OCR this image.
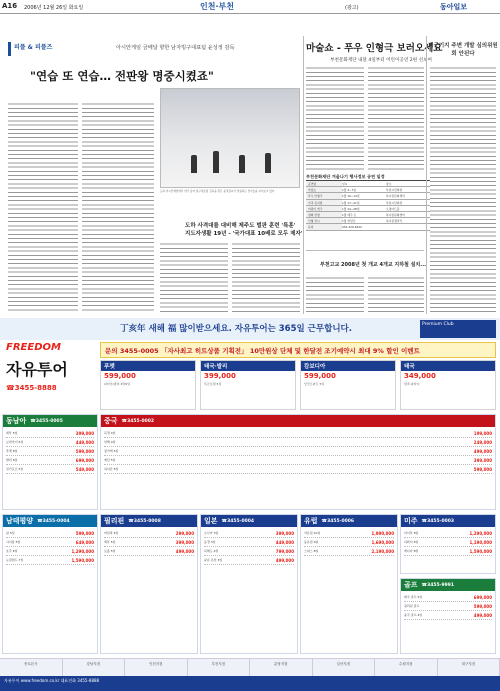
A16 2006년 12월 26일 화요일	인천·부천	(광고)	동아일보
피플 & 피플즈	아시안게임 금메달 향한 남자빙구대표팀 윤성정 감독
"연습 또 연습… 전판왕 명중시켰죠"
도하 아시안게임에서 한국 남자 빙구대표팀 감독을 맡은 윤성정씨가 연습하는 선수들을 지켜보고 있다
도하 사격대를 대비해 제주도 벌판 훈련 '특훈'
지도자생활 19년 - '국가대표 10배로 모두 제자'
마술쇼 - 푸우 인형극 보러오세요
부천문화재단 내달 4일부터 어린이공연 2편 선보여
부천문화재단 겨울나기 행사정보 공연 일정
공연명	일시	장소
마술쇼	1월 4~7일	부천시민회관
푸우 인형극	1월 10~14일	복사골문화센터
가족 뮤지컬	1월 17~21일	부천시민회관
어린이 연극	1월 24~28일	오정아트홀
영화 상영	1월 매주 토	복사골문화센터
인형 전시	1월 한달간	복사골갤러리
문의	032-320-6342
부천고교 2008년 첫 개교 4개교 지하철 설치...
미군기지 주변 개발 심의위원회 안된다
丁亥年 새해 福 많이받으세요. 자유투어는 365일 근무합니다.	Premium Club
FREEDOM
자유투어
☎3455-8888
문의 3455-0005 「자사최고 히트상품 기획전」 10만원상 단체 및 한달전 조기예약시 최대 9% 할인 이벤트
푸껫
599,000
파타야/방콕 4박6일
태국·발리
399,000
특급호텔 5일
캄보디아
599,000
앙코르와트 5일
태국
349,000
방콕·파타야
동남아 ☎3455-0005
세부 5일	399,000
보라카이 5일	449,000
푸껫 6일	599,000
발리 6일	699,000
싱가포르 5일	549,000
중국 ☎3455-0002
북경 4일	199,000
상해 4일	249,000
장가계 5일	499,000
계림 5일	399,000
하이난 5일	599,000
남태평양 ☎3455-0004
괌 5일	599,000
사이판 5일	649,000
호주 6일	1,290,000
뉴질랜드 7일	1,590,000
필리핀 ☎3455-0008
마닐라 4일	299,000
세부 5일	399,000
보홀 5일	499,000
일본 ☎3455-0004
오사카 3일	399,000
동경 3일	449,000
북해도 4일	799,000
큐슈 온천 3일	499,000
유럽 ☎3455-0006
서유럽 10일	1,990,000
동유럽 9일	1,690,000
스위스 8일	2,190,000
미주 ☎3455-0003
미서부 8일	1,290,000
하와이 6일	1,190,000
캐나다 8일	1,590,000
골프 ☎3455-9991
태국 골프 5일	699,000
필리핀 골프	599,000
중국 골프 4일	499,000
종로본사	강남지점	인천지점	부천지점	분당지점	일산지점	수원지점	대구지점
자유투어 www.freedom.co.kr 대표전화 3455-8888
